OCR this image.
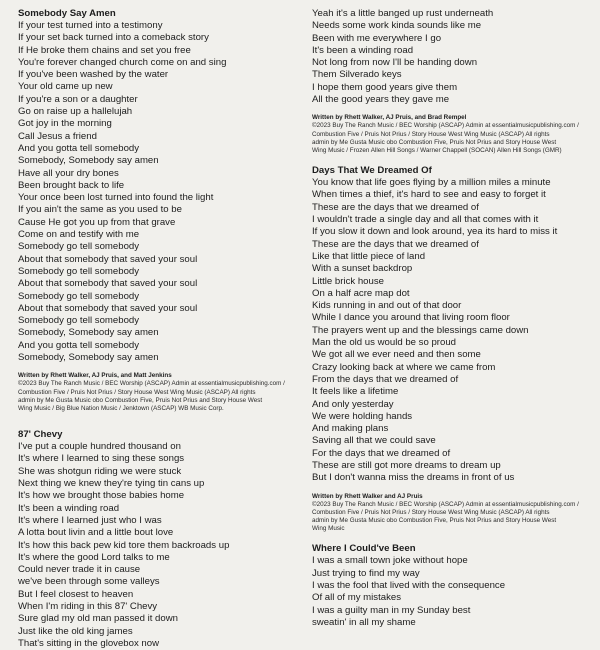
Somebody Say Amen
If your test turned into a testimony
If your set back turned into a comeback story
If He broke them chains and set you free
You're forever changed church come on and sing
If you've been washed by the water
Your old came up new
If you're a son or a daughter
Go on raise up a hallelujah
Got joy in the morning
Call Jesus a friend
And you gotta tell somebody
Somebody, Somebody say amen
Have all your dry bones
Been brought back to life
Your once been lost turned into found the light
If you ain't the same as you used to be
Cause He got you up from that grave
Come on and testify with me
Somebody go tell somebody
About that somebody that saved your soul
Somebody go tell somebody
About that somebody that saved your soul
Somebody go tell somebody
About that somebody that saved your soul
Somebody go tell somebody
Somebody, Somebody say amen
And you gotta tell somebody
Somebody, Somebody say amen
Written by Rhett Walker, AJ Pruis, and Matt Jenkins
©2023 Buy The Ranch Music / BEC Worship (ASCAP) Admin at essentialmusicpublishing.com /
Combustion Five / Pruis Not Prius / Story House West Wing Music (ASCAP) All rights
admin by Me Gusta Music obo Combustion Five, Pruis Not Prius and Story House West
Wing Music / Big Blue Nation Music / Jenktown (ASCAP) WB Music Corp.
87' Chevy
I've put a couple hundred thousand on
It's where I learned to sing these songs
She was shotgun riding we were stuck
Next thing we knew they're tying tin cans up
It's how we brought those babies home
It's been a winding road
It's where I learned just who I was
A lotta bout livin and a little bout love
It's how this back pew kid tore them backroads up
It's where the good Lord talks to me
Could never trade it in cause
we've been through some valleys
But I feel closest to heaven
When I'm riding in this 87' Chevy
Sure glad my old man passed it down
Just like the old king james
That's sitting in the glovebox now
Yeah it's a little banged up rust underneath
Needs some work kinda sounds like me
Been with me everywhere I go
It's been a winding road
Not long from now I'll be handing down
Them Silverado keys
I hope them good years give them
All the good years they gave me
Written by Rhett Walker, AJ Pruis, and Brad Rempel
©2023 Buy The Ranch Music / BEC Worship (ASCAP) Admin at essentialmusicpublishing.com /
Combustion Five / Pruis Not Prius / Story House West Wing Music (ASCAP) All rights
admin by Me Gusta Music obo Combustion Five, Pruis Not Prius and Story House West
Wing Music / Frozen Allen Hill Songs / Warner Chappell (SOCAN) Allen Hill Songs (GMR)
Days That We Dreamed Of
You know that life goes flying by a million miles a minute
When times a thief, it's hard to see and easy to forget it
These are the days that we dreamed of
I wouldn't trade a single day and all that comes with it
If you slow it down and look around, yea its hard to miss it
These are the days that we dreamed of
Like that little piece of land
With a sunset backdrop
Little brick house
On a half acre map dot
Kids running in and out of that door
While I dance you around that living room floor
The prayers went up and the blessings came down
Man the old us would be so proud
We got all we ever need and then some
Crazy looking back at where we came from
From the days that we dreamed of
It feels like a lifetime
And only yesterday
We were holding hands
And making plans
Saving all that we could save
For the days that we dreamed of
These are still got more dreams to dream up
But I don't wanna miss the dreams in front of us
Written by Rhett Walker and AJ Pruis
©2023 Buy The Ranch Music / BEC Worship (ASCAP) Admin at essentialmusicpublishing.com /
Combustion Five / Pruis Not Prius / Story House West Wing Music (ASCAP) All rights
admin by Me Gusta Music obo Combustion Five, Pruis Not Prius and Story House West
Wing Music
Where I Could've Been
I was a small town joke without hope
Just trying to find my way
I was the fool that lived with the consequence
Of all of my mistakes
I was a guilty man in my Sunday best
sweatin' in all my shame
